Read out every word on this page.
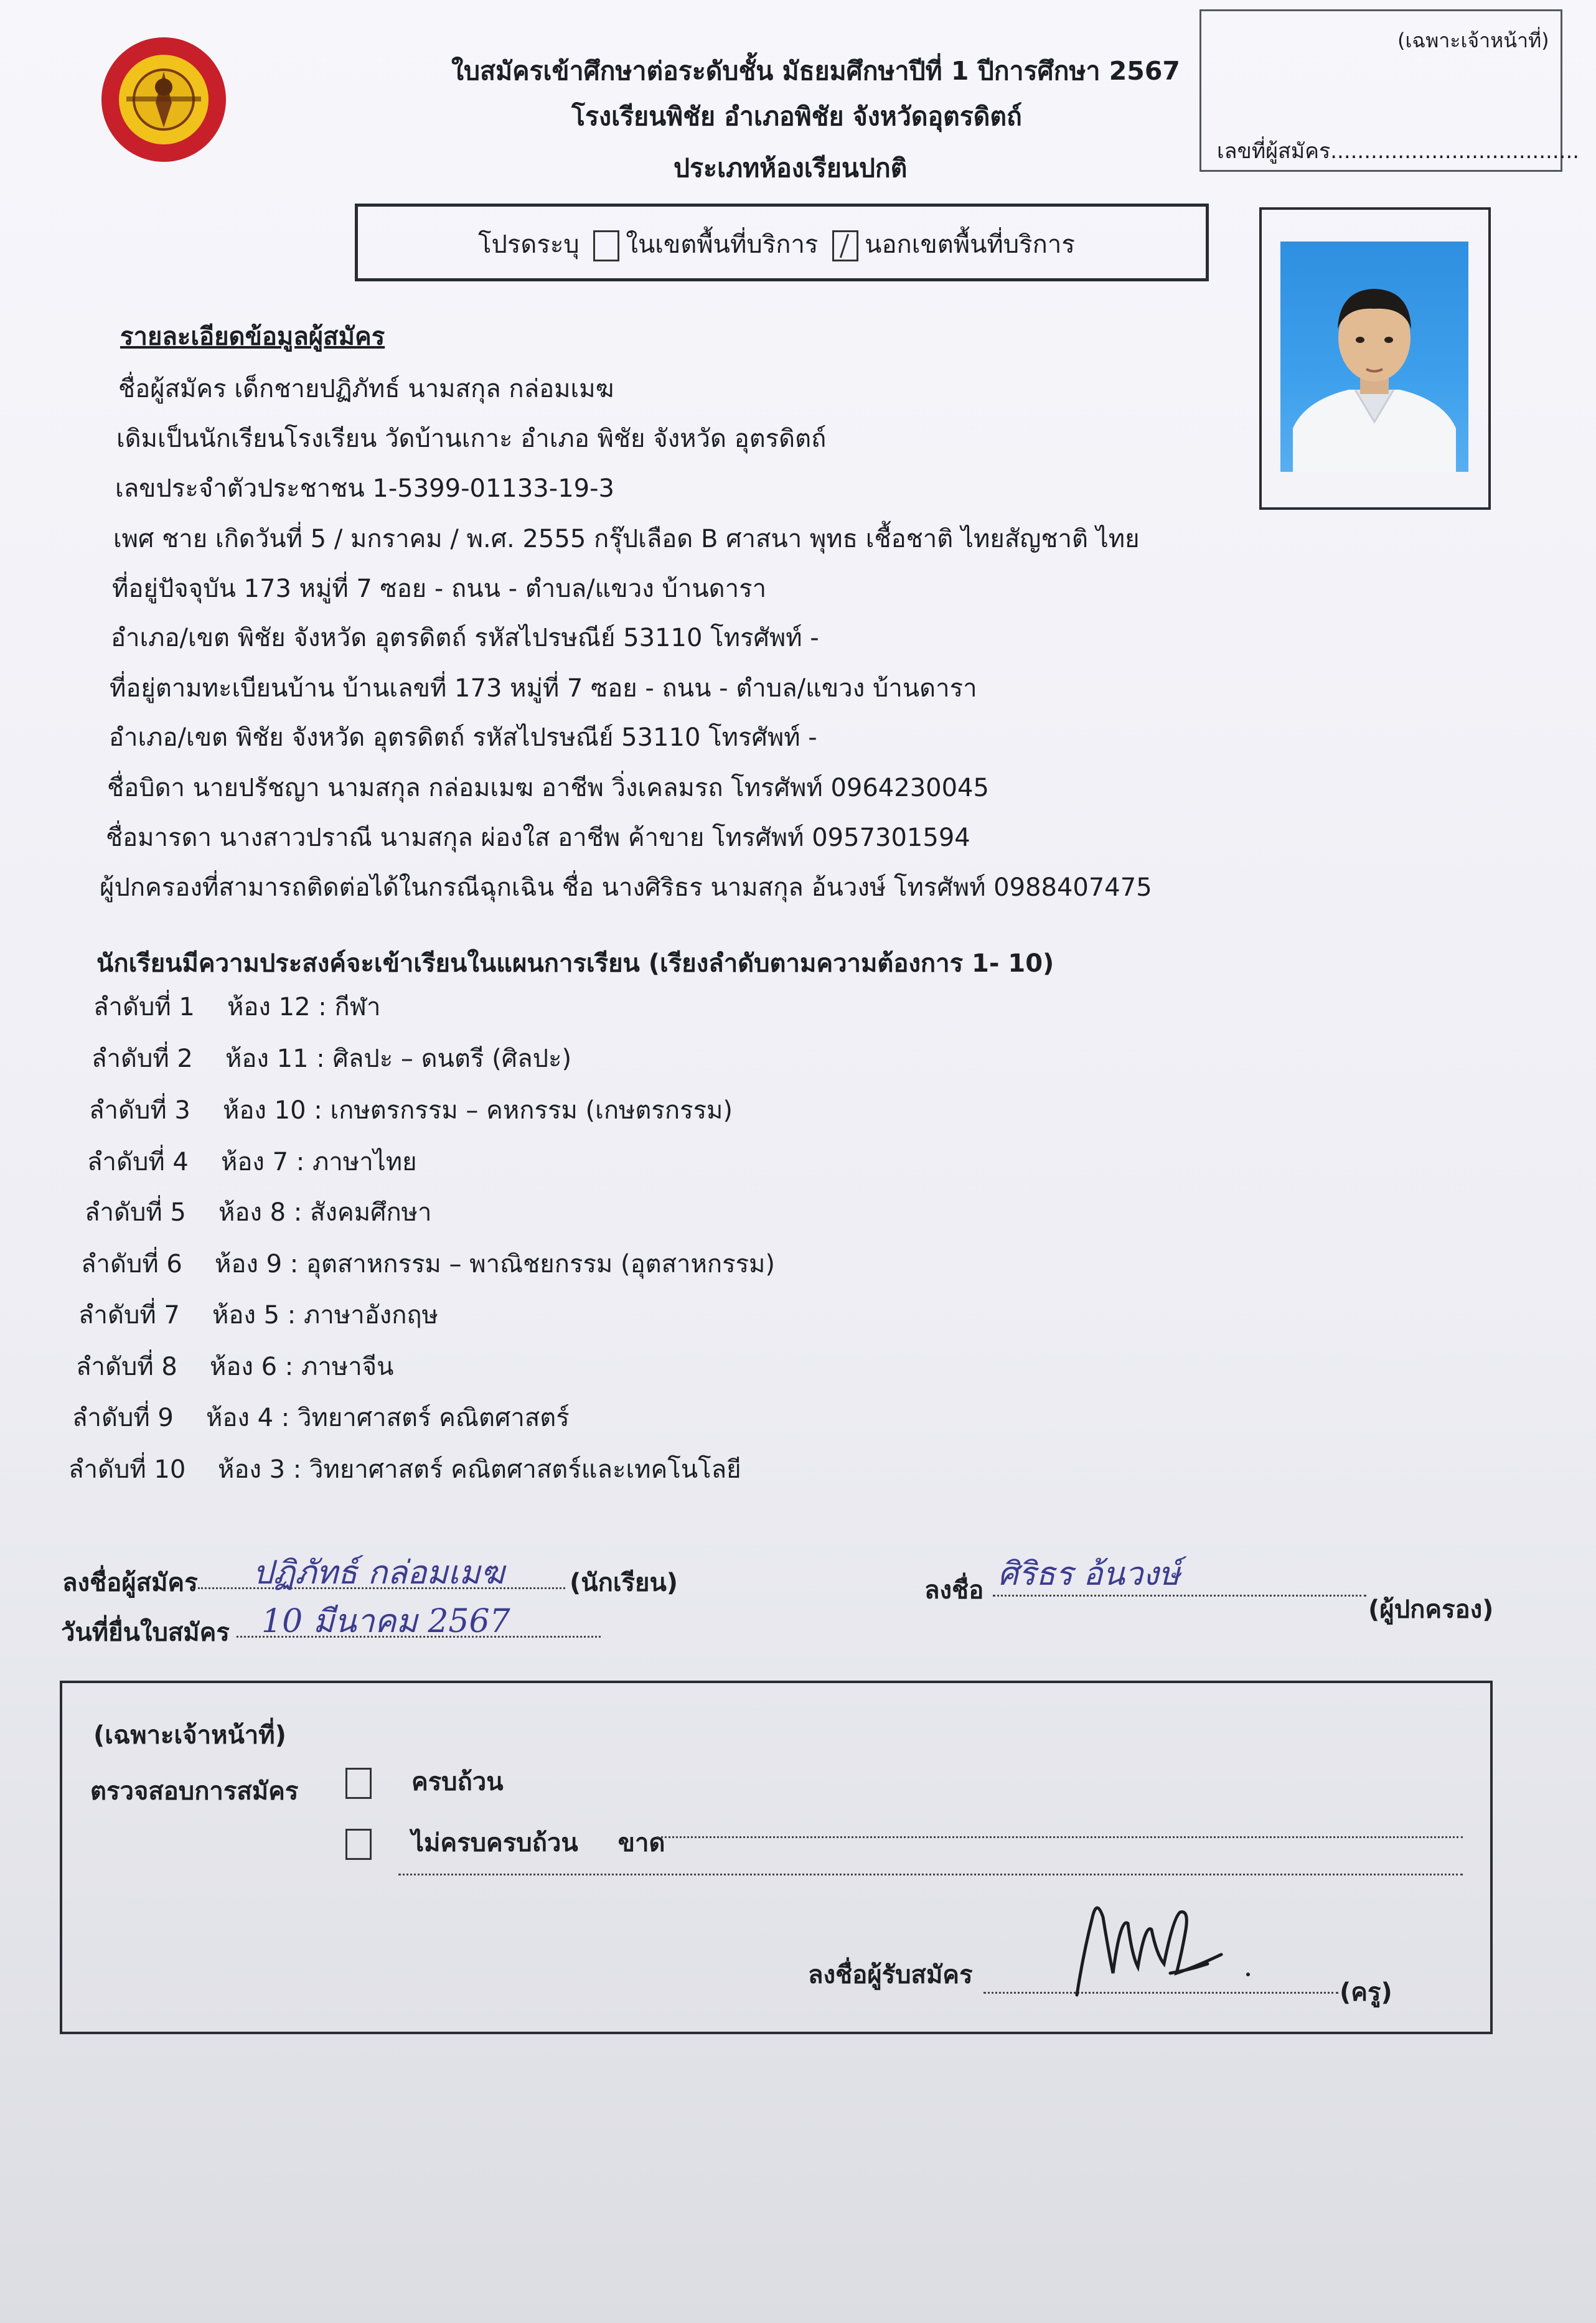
ใบสมัครเข้าศึกษาต่อระดับชั้น มัธยมศึกษาปีที่ 1 ปีการศึกษา 2567
โรงเรียนพิชัย อำเภอพิชัย จังหวัดอุตรดิตถ์
ประเภทห้องเรียนปกติ
(เฉพาะเจ้าหน้าที่)
เลขที่ผู้สมัคร.....................................
โปรดระบุ ในเขตพื้นที่บริการ นอกเขตพื้นที่บริการ
รายละเอียดข้อมูลผู้สมัคร
ชื่อผู้สมัคร เด็กชายปฏิภัทธ์ นามสกุล กล่อมเมฆ
เดิมเป็นนักเรียนโรงเรียน วัดบ้านเกาะ อำเภอ พิชัย จังหวัด อุตรดิตถ์
เลขประจำตัวประชาชน 1-5399-01133-19-3
เพศ ชาย เกิดวันที่ 5 / มกราคม / พ.ศ. 2555 กรุ๊ปเลือด B ศาสนา พุทธ เชื้อชาติ ไทยสัญชาติ ไทย
ที่อยู่ปัจจุบัน 173 หมู่ที่ 7 ซอย - ถนน - ตำบล/แขวง บ้านดารา
อำเภอ/เขต พิชัย จังหวัด อุตรดิตถ์ รหัสไปรษณีย์ 53110 โทรศัพท์ -
ที่อยู่ตามทะเบียนบ้าน บ้านเลขที่ 173 หมู่ที่ 7 ซอย - ถนน - ตำบล/แขวง บ้านดารา
อำเภอ/เขต พิชัย จังหวัด อุตรดิตถ์ รหัสไปรษณีย์ 53110 โทรศัพท์ -
ชื่อบิดา นายปรัชญา นามสกุล กล่อมเมฆ อาชีพ วิ่งเคลมรถ โทรศัพท์ 0964230045
ชื่อมารดา นางสาวปราณี นามสกุล ผ่องใส อาชีพ ค้าขาย โทรศัพท์ 0957301594
ผู้ปกครองที่สามารถติดต่อได้ในกรณีฉุกเฉิน ชื่อ นางศิริธร นามสกุล อ้นวงษ์ โทรศัพท์ 0988407475
นักเรียนมีความประสงค์จะเข้าเรียนในแผนการเรียน (เรียงลำดับตามความต้องการ 1- 10)
ลำดับที่ 1 ห้อง 12 : กีฬา
ลำดับที่ 2 ห้อง 11 : ศิลปะ – ดนตรี (ศิลปะ)
ลำดับที่ 3 ห้อง 10 : เกษตรกรรม – คหกรรม (เกษตรกรรม)
ลำดับที่ 4 ห้อง 7 : ภาษาไทย
ลำดับที่ 5 ห้อง 8 : สังคมศึกษา
ลำดับที่ 6 ห้อง 9 : อุตสาหกรรม – พาณิชยกรรม (อุตสาหกรรม)
ลำดับที่ 7 ห้อง 5 : ภาษาอังกฤษ
ลำดับที่ 8 ห้อง 6 : ภาษาจีน
ลำดับที่ 9 ห้อง 4 : วิทยาศาสตร์ คณิตศาสตร์
ลำดับที่ 10 ห้อง 3 : วิทยาศาสตร์ คณิตศาสตร์และเทคโนโลยี
ลงชื่อผู้สมัคร ปฏิภัทธ์ กล่อมเมฆ	(นักเรียน)
วันที่ยื่นใบสมัคร 10 มีนาคม 2567
ลงชื่อ ศิริธร อ้นวงษ์
(ผู้ปกครอง)
(เฉพาะเจ้าหน้าที่)
ตรวจสอบการสมัคร	ครบถ้วน
ไม่ครบครบถ้วน ขาด
ลงชื่อผู้รับสมัคร
(ครู)
